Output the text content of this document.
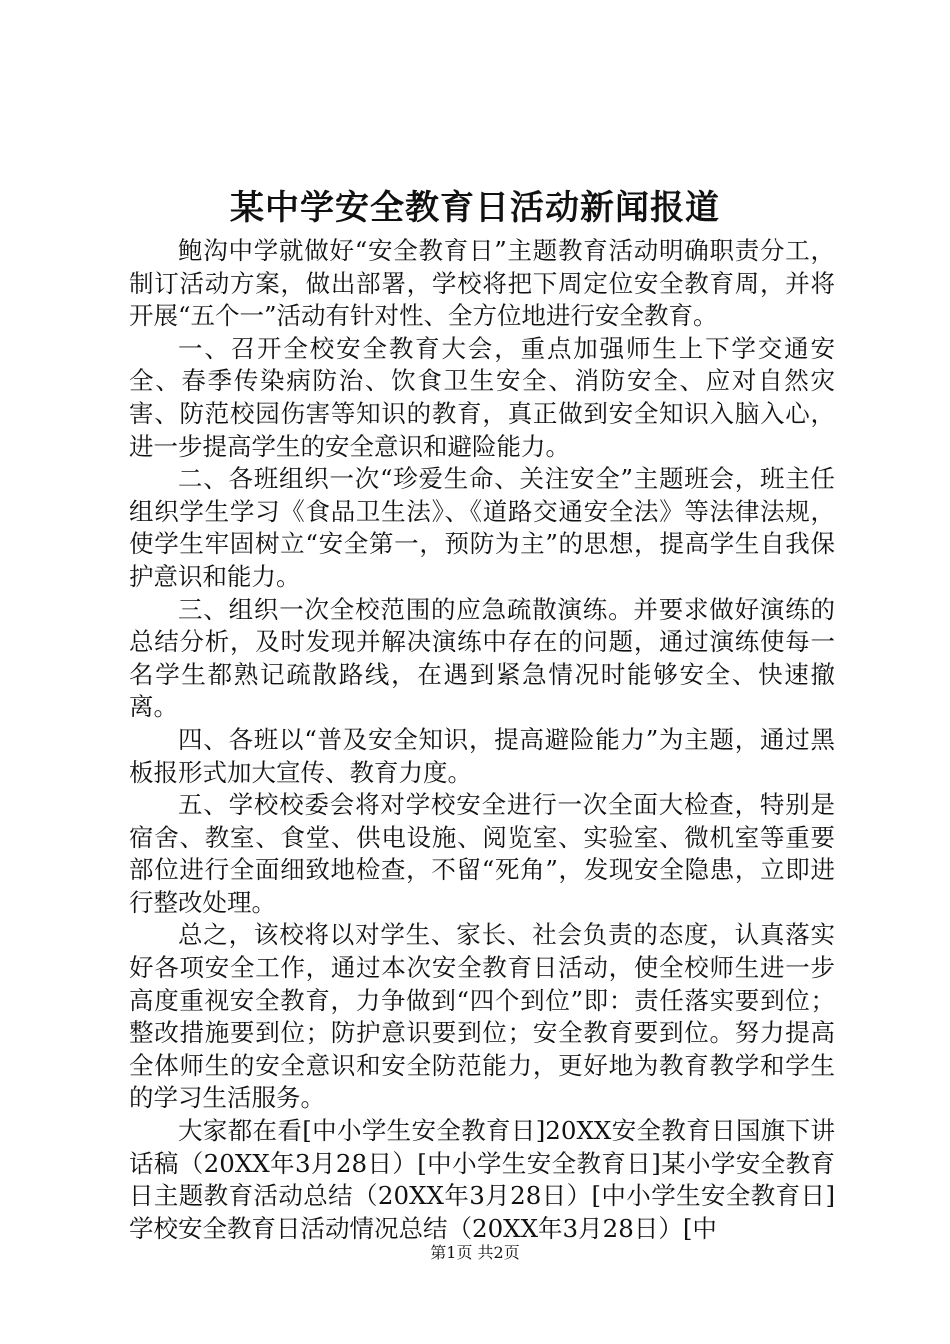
某中学安全教育日活动新闻报道

鲍沟中学就做好“安全教育日”主题教育活动明确职责分工，制订活动方案，做出部署，学校将把下周定位安全教育周，并将开展“五个一”活动有针对性、全方位地进行安全教育。

一、召开全校安全教育大会，重点加强师生上下学交通安全、春季传染病防治、饮食卫生安全、消防安全、应对自然灾害、防范校园伤害等知识的教育，真正做到安全知识入脑入心，进一步提高学生的安全意识和避险能力。

二、各班组织一次“珍爱生命、关注安全”主题班会，班主任组织学生学习《食品卫生法》、《道路交通安全法》等法律法规，使学生牢固树立“安全第一，预防为主”的思想，提高学生自我保护意识和能力。

三、组织一次全校范围的应急疏散演练。并要求做好演练的总结分析，及时发现并解决演练中存在的问题，通过演练使每一名学生都熟记疏散路线，在遇到紧急情况时能够安全、快速撤离。

四、各班以“普及安全知识，提高避险能力”为主题，通过黑板报形式加大宣传、教育力度。

五、学校校委会将对学校安全进行一次全面大检查，特别是宿舍、教室、食堂、供电设施、阅览室、实验室、微机室等重要部位进行全面细致地检查，不留“死角”，发现安全隐患，立即进行整改处理。

总之，该校将以对学生、家长、社会负责的态度，认真落实好各项安全工作，通过本次安全教育日活动，使全校师生进一步高度重视安全教育，力争做到“四个到位”即：责任落实要到位；整改措施要到位；防护意识要到位；安全教育要到位。努力提高全体师生的安全意识和安全防范能力，更好地为教育教学和学生的学习生活服务。

大家都在看[中小学生安全教育日]20XX安全教育日国旗下讲话稿（20XX年3月28日）[中小学生安全教育日]某小学安全教育日主题教育活动总结（20XX年3月28日）[中小学生安全教育日]学校安全教育日活动情况总结（20XX年3月28日）[中

第1页 共2页
